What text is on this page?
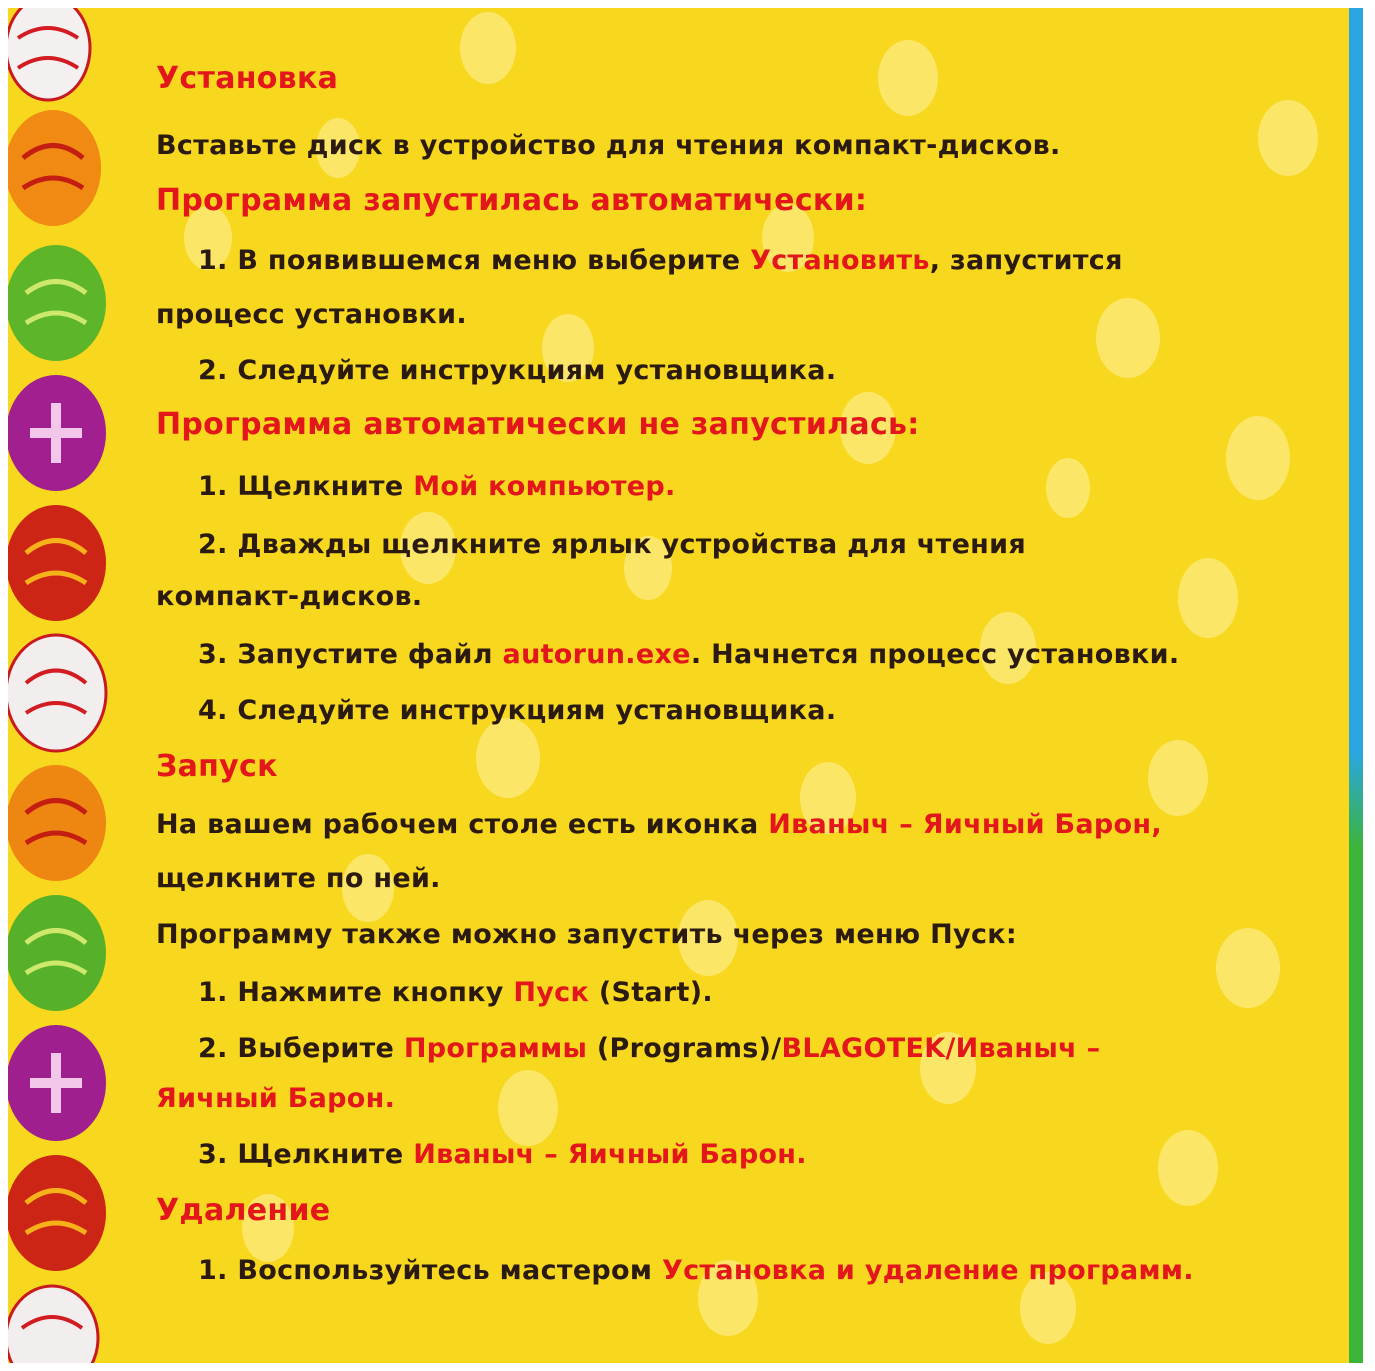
Установка
Вставьте диск в устройство для чтения компакт-дисков.
Программа запустилась автоматически:
1. В появившемся меню выберите Установить, запустится
процесс установки.
2. Следуйте инструкциям установщика.
Программа автоматически не запустилась:
1. Щелкните Мой компьютер.
2. Дважды щелкните ярлык устройства для чтения
компакт-дисков.
3. Запустите файл autorun.exe. Начнется процесс установки.
4. Следуйте инструкциям установщика.
Запуск
На вашем рабочем столе есть иконка Иваныч – Яичный Барон,
щелкните по ней.
Программу также можно запустить через меню Пуск:
1. Нажмите кнопку Пуск (Start).
2. Выберите Программы (Programs)/BLAGOTEK/Иваныч –
Яичный Барон.
3. Щелкните Иваныч – Яичный Барон.
Удаление
1. Воспользуйтесь мастером Установка и удаление программ.
